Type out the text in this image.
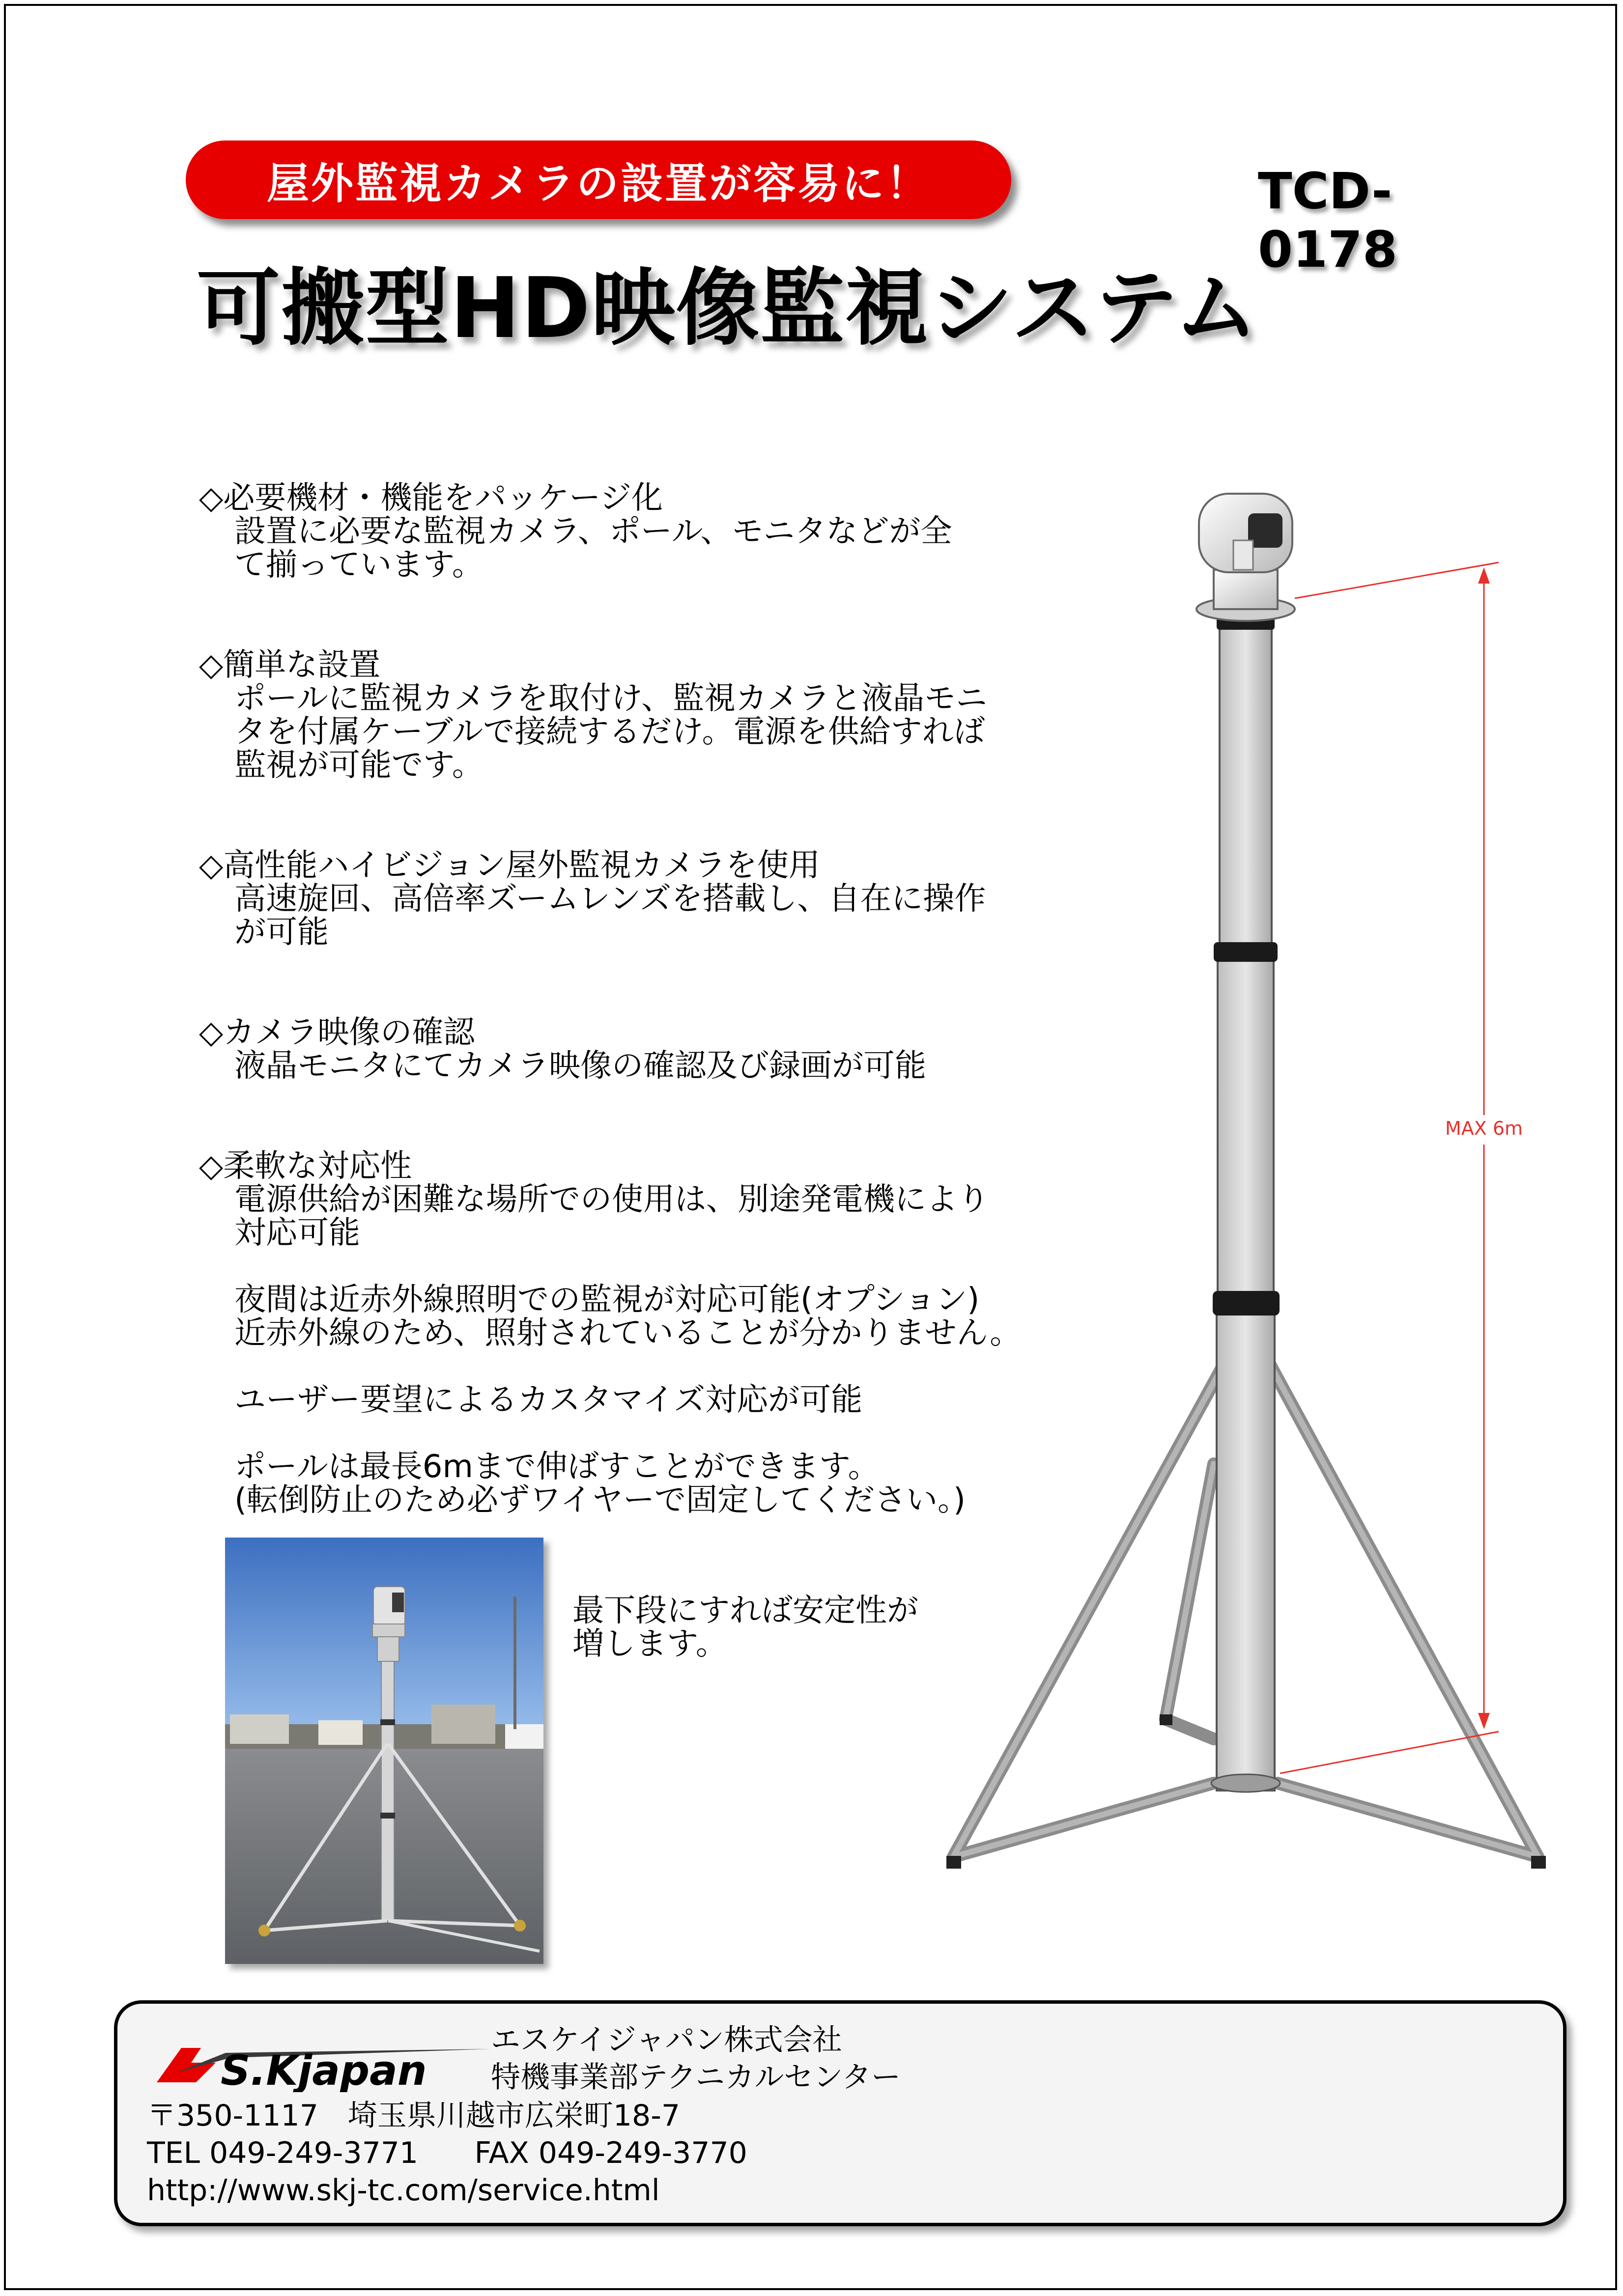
屋外監視カメラの設置が容易に！	TCD-0178
可搬型HD映像監視システム
◇必要機材・機能をパッケージ化
設置に必要な監視カメラ、ポール、モニタなどが全
て揃っています。
◇簡単な設置
ポールに監視カメラを取付け、監視カメラと液晶モニ
タを付属ケーブルで接続するだけ。電源を供給すれば
監視が可能です。
◇高性能ハイビジョン屋外監視カメラを使用
高速旋回、高倍率ズームレンズを搭載し、自在に操作
が可能
◇カメラ映像の確認
液晶モニタにてカメラ映像の確認及び録画が可能
◇柔軟な対応性
電源供給が困難な場所での使用は、別途発電機により
対応可能
夜間は近赤外線照明での監視が対応可能(オプション)
近赤外線のため、照射されていることが分かりません。
ユーザー要望によるカスタマイズ対応が可能
ポールは最長6mまで伸ばすことができます。
(転倒防止のため必ずワイヤーで固定してください。)
最下段にすれば安定性が
増します。
MAX 6m
S.Kjapan
エスケイジャパン株式会社
特機事業部テクニカルセンター
〒350-1117　埼玉県川越市広栄町18-7
TEL 049-249-3771 FAX 049-249-3770
http://www.skj-tc.com/service.html
